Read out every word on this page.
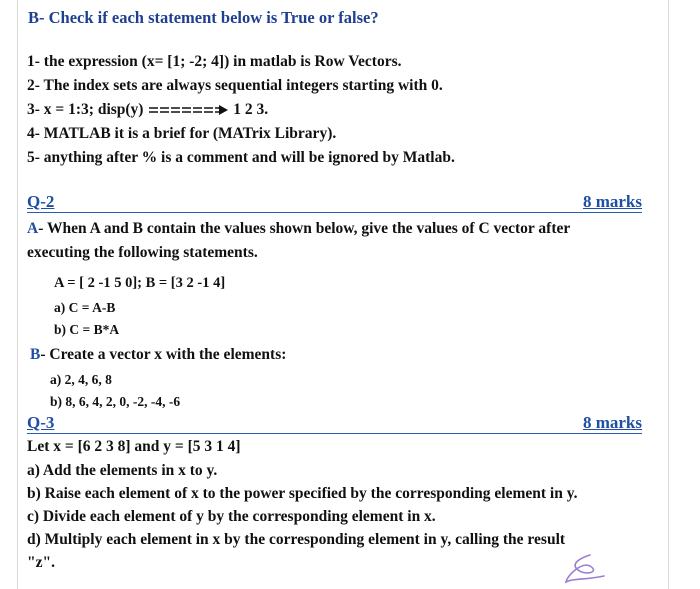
B- Check if each statement below is True or false?
1- the expression (x= [1; -2; 4]) in matlab is Row Vectors.
2- The index sets are always sequential integers starting with 0.
3- x = 1:3; disp(y)	1 2 3.
4- MATLAB it is a brief for (MATrix Library).
5- anything after % is a comment and will be ignored by Matlab.
Q-2	8 marks
A- When A and B contain the values shown below, give the values of C vector after
executing the following statements.
A = [ 2 -1 5 0]; B = [3 2 -1 4]
a) C = A-B
b) C = B*A
B- Create a vector x with the elements:
a) 2, 4, 6, 8
b) 8, 6, 4, 2, 0, -2, -4, -6
Q-3	8 marks
Let x = [6 2 3 8] and y = [5 3 1 4]
a) Add the elements in x to y.
b) Raise each element of x to the power specified by the corresponding element in y.
c) Divide each element of y by the corresponding element in x.
d) Multiply each element in x by the corresponding element in y, calling the result
"z".
